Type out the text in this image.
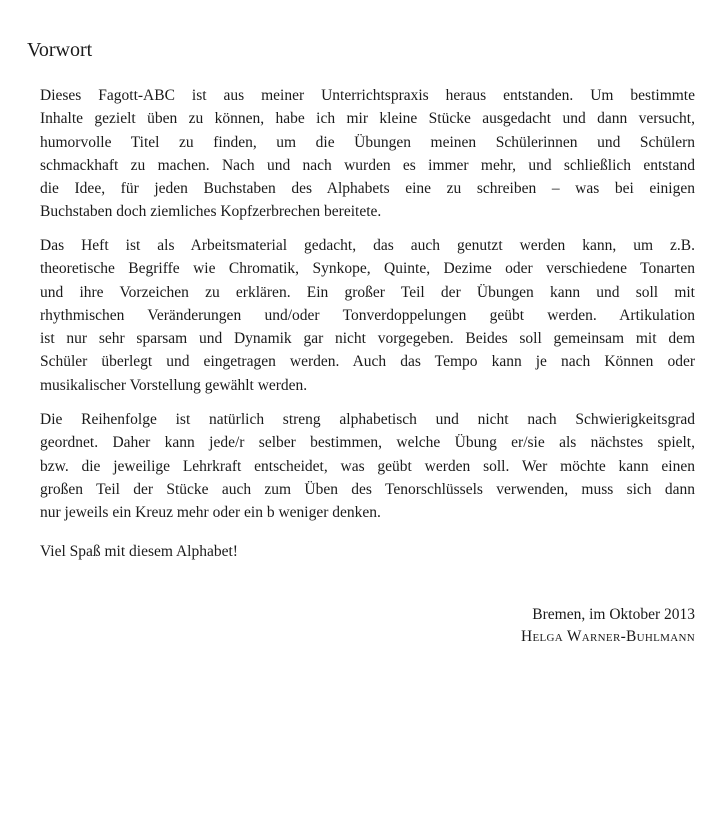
Vorwort

Dieses Fagott-ABC ist aus meiner Unterrichtspraxis heraus entstanden. Um bestimmte
Inhalte gezielt üben zu können, habe ich mir kleine Stücke ausgedacht und dann versucht,
humorvolle Titel zu finden, um die Übungen meinen Schülerinnen und Schülern
schmackhaft zu machen. Nach und nach wurden es immer mehr, und schließlich entstand
die Idee, für jeden Buchstaben des Alphabets eine zu schreiben – was bei einigen
Buchstaben doch ziemliches Kopfzerbrechen bereitete.

Das Heft ist als Arbeitsmaterial gedacht, das auch genutzt werden kann, um z.B.
theoretische Begriffe wie Chromatik, Synkope, Quinte, Dezime oder verschiedene Tonarten
und ihre Vorzeichen zu erklären. Ein großer Teil der Übungen kann und soll mit
rhythmischen Veränderungen und/oder Tonverdoppelungen geübt werden. Artikulation
ist nur sehr sparsam und Dynamik gar nicht vorgegeben. Beides soll gemeinsam mit dem
Schüler überlegt und eingetragen werden. Auch das Tempo kann je nach Können oder
musikalischer Vorstellung gewählt werden.

Die Reihenfolge ist natürlich streng alphabetisch und nicht nach Schwierigkeitsgrad
geordnet. Daher kann jede/r selber bestimmen, welche Übung er/sie als nächstes spielt,
bzw. die jeweilige Lehrkraft entscheidet, was geübt werden soll. Wer möchte kann einen
großen Teil der Stücke auch zum Üben des Tenorschlüssels verwenden, muss sich dann
nur jeweils ein Kreuz mehr oder ein b weniger denken.

Viel Spaß mit diesem Alphabet!

Bremen, im Oktober 2013
Helga Warner-Buhlmann
